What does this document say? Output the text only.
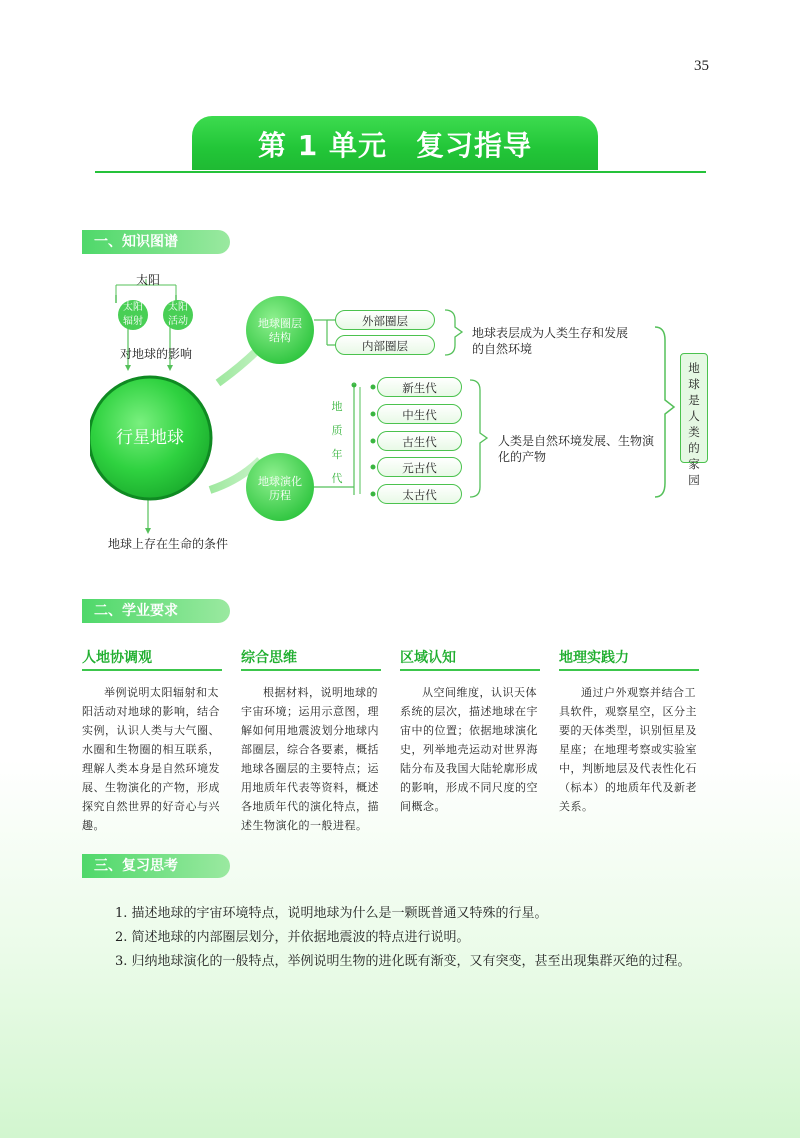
35
第 1 单元　复习指导
一、知识图谱
太阳
太阳辐射
太阳活动
对地球的影响
行星地球
地球上存在生命的条件
地球圈层结构
外部圈层
内部圈层
地球表层成为人类生存和发展的自然环境
地球演化历程
地质年代
新生代
中生代
古生代
元古代
太古代
人类是自然环境发展、生物演化的产物
地球是人类的家园
二、学业要求
人地协调观
举例说明太阳辐射和太阳活动对地球的影响，结合实例，认识人类与大气圈、水圈和生物圈的相互联系，理解人类本身是自然环境发展、生物演化的产物，形成探究自然世界的好奇心与兴趣。
综合思维
根据材料，说明地球的宇宙环境；运用示意图，理解如何用地震波划分地球内部圈层，综合各要素，概括地球各圈层的主要特点；运用地质年代表等资料，概述各地质年代的演化特点，描述生物演化的一般进程。
区域认知
从空间维度，认识天体系统的层次，描述地球在宇宙中的位置；依据地球演化史，列举地壳运动对世界海陆分布及我国大陆轮廓形成的影响，形成不同尺度的空间概念。
地理实践力
通过户外观察并结合工具软件，观察星空，区分主要的天体类型，识别恒星及星座；在地理考察或实验室中，判断地层及代表性化石（标本）的地质年代及新老关系。
三、复习思考
1. 描述地球的宇宙环境特点，说明地球为什么是一颗既普通又特殊的行星。
2. 简述地球的内部圈层划分，并依据地震波的特点进行说明。
3. 归纳地球演化的一般特点，举例说明生物的进化既有渐变，又有突变，甚至出现集群灭绝的过程。
